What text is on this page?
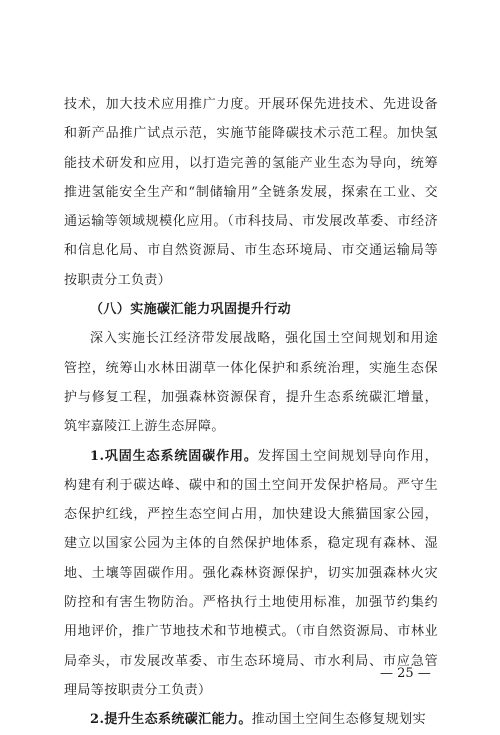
技术，加大技术应用推广力度。开展环保先进技术、先进设备和新产品推广试点示范，实施节能降碳技术示范工程。加快氢能技术研发和应用，以打造完善的氢能产业生态为导向，统筹推进氢能安全生产和“制储输用”全链条发展，探索在工业、交通运输等领域规模化应用。（市科技局、市发展改革委、市经济和信息化局、市自然资源局、市生态环境局、市交通运输局等按职责分工负责）

（八）实施碳汇能力巩固提升行动

深入实施长江经济带发展战略，强化国土空间规划和用途管控，统筹山水林田湖草一体化保护和系统治理，实施生态保护与修复工程，加强森林资源保育，提升生态系统碳汇增量，筑牢嘉陵江上游生态屏障。

1.巩固生态系统固碳作用。发挥国土空间规划导向作用，构建有利于碳达峰、碳中和的国土空间开发保护格局。严守生态保护红线，严控生态空间占用，加快建设大熊猫国家公园，建立以国家公园为主体的自然保护地体系，稳定现有森林、湿地、土壤等固碳作用。强化森林资源保护，切实加强森林火灾防控和有害生物防治。严格执行土地使用标准，加强节约集约用地评价，推广节地技术和节地模式。（市自然资源局、市林业局牵头，市发展改革委、市生态环境局、市水利局、市应急管理局等按职责分工负责）

2.提升生态系统碳汇能力。推动国土空间生态修复规划实

— 25 —
